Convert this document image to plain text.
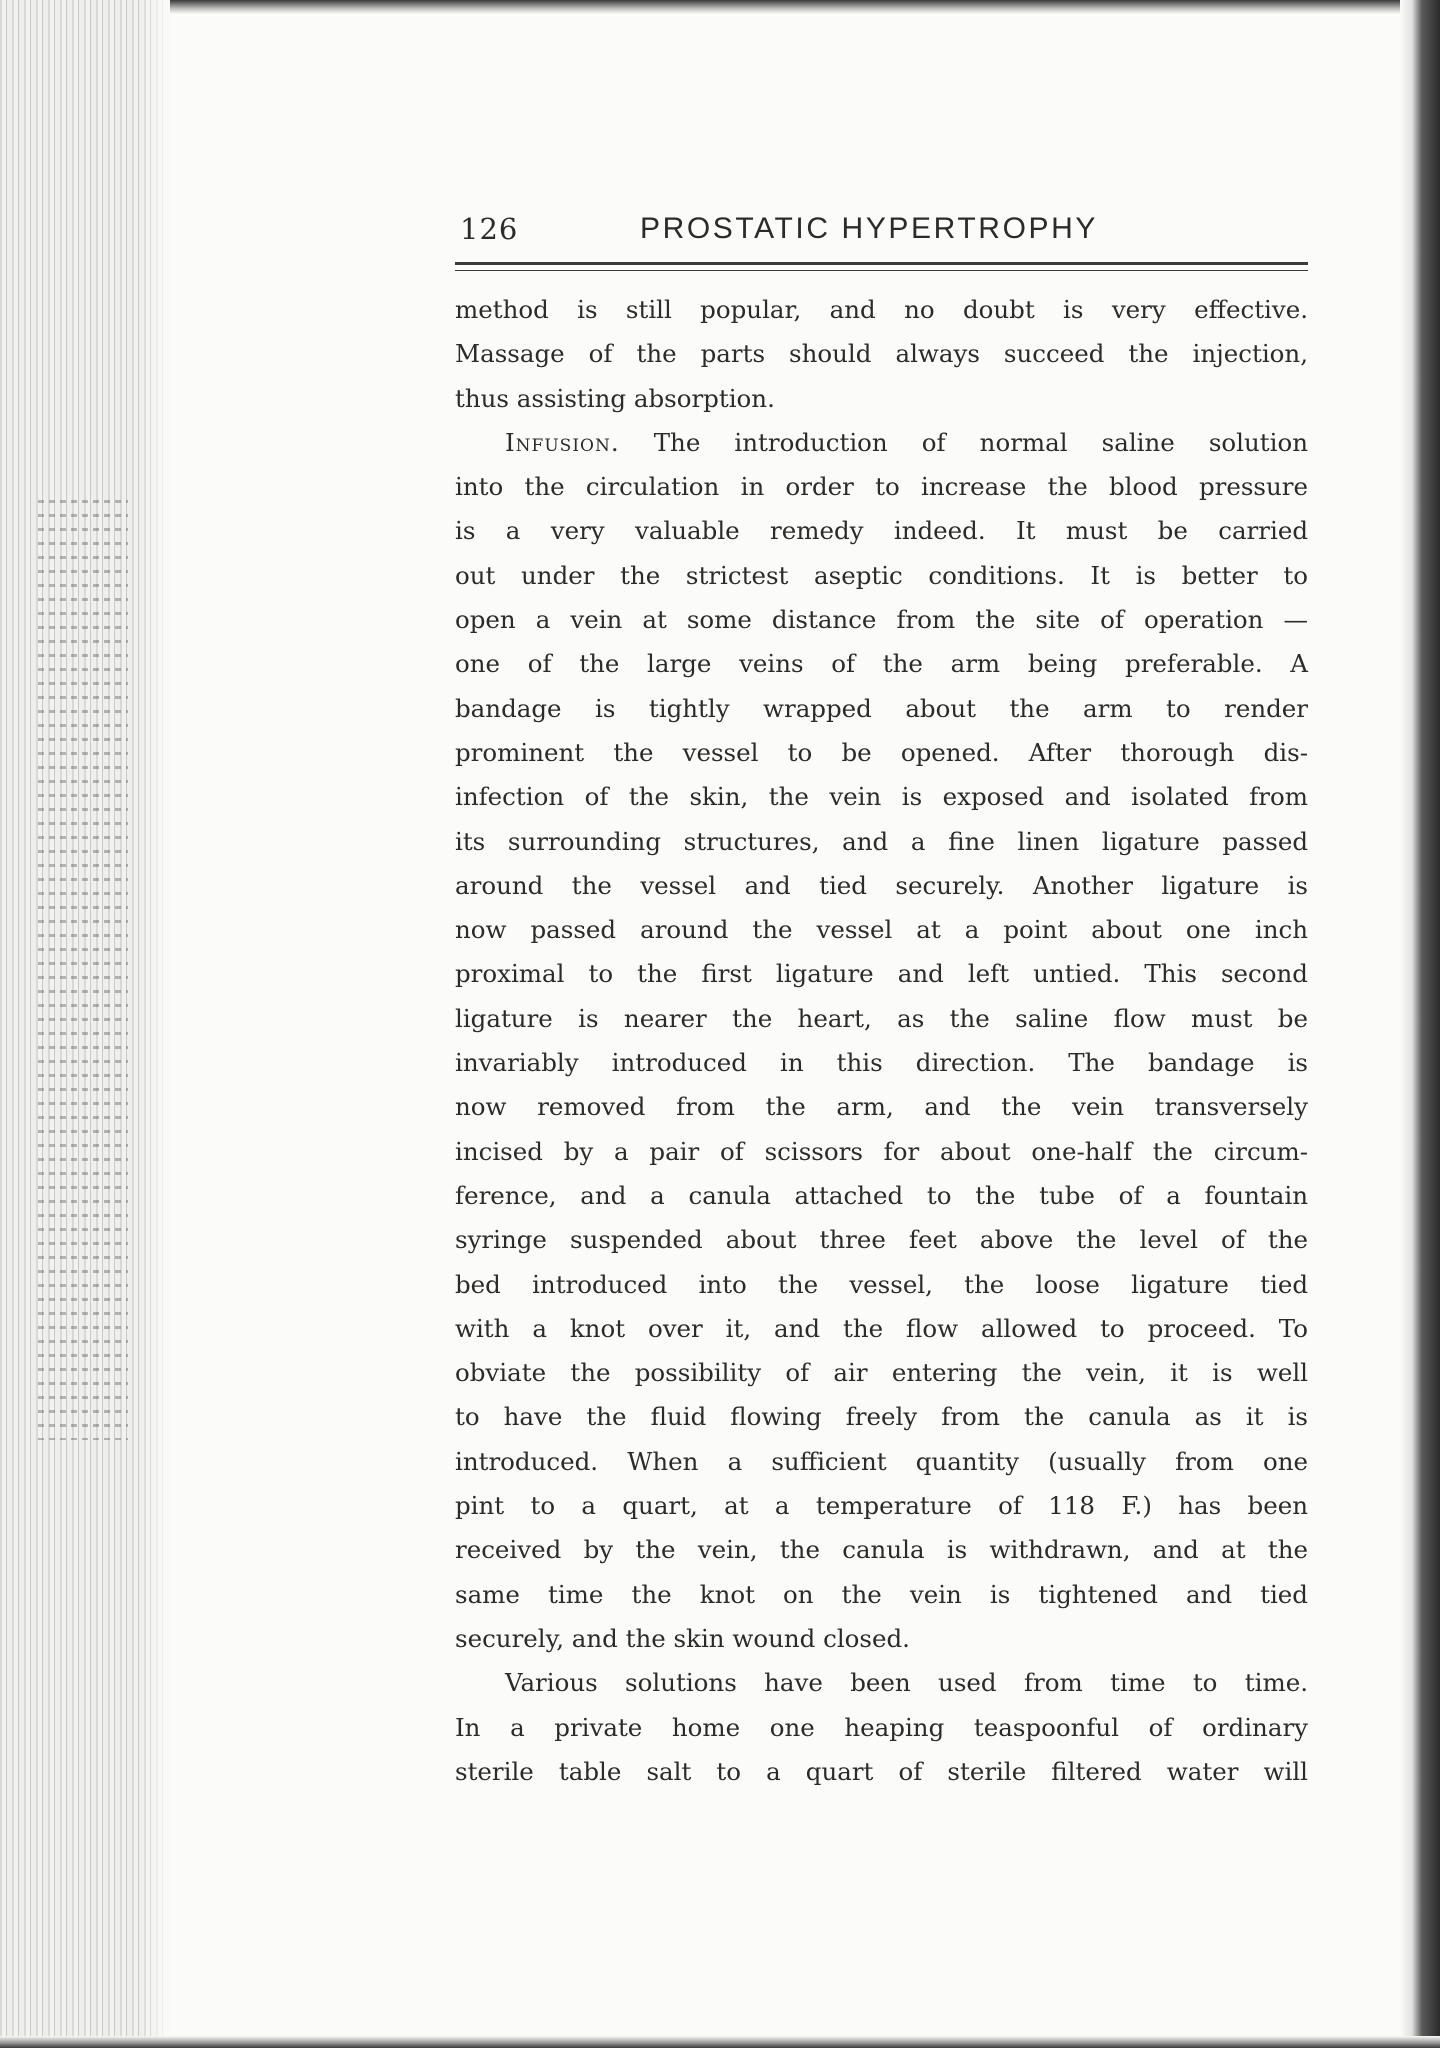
126	PROSTATIC HYPERTROPHY
method is still popular, and no doubt is very effective.
Massage of the parts should always succeed the injection,
thus assisting absorption.
Infusion. The introduction of normal saline solution
into the circulation in order to increase the blood pressure
is a very valuable remedy indeed. It must be carried
out under the strictest aseptic conditions. It is better to
open a vein at some distance from the site of operation —
one of the large veins of the arm being preferable. A
bandage is tightly wrapped about the arm to render
prominent the vessel to be opened. After thorough dis-
infection of the skin, the vein is exposed and isolated from
its surrounding structures, and a fine linen ligature passed
around the vessel and tied securely. Another ligature is
now passed around the vessel at a point about one inch
proximal to the first ligature and left untied. This second
ligature is nearer the heart, as the saline flow must be
invariably introduced in this direction. The bandage is
now removed from the arm, and the vein transversely
incised by a pair of scissors for about one-half the circum-
ference, and a canula attached to the tube of a fountain
syringe suspended about three feet above the level of the
bed introduced into the vessel, the loose ligature tied
with a knot over it, and the flow allowed to proceed. To
obviate the possibility of air entering the vein, it is well
to have the fluid flowing freely from the canula as it is
introduced. When a sufficient quantity (usually from one
pint to a quart, at a temperature of 118 F.) has been
received by the vein, the canula is withdrawn, and at the
same time the knot on the vein is tightened and tied
securely, and the skin wound closed.
Various solutions have been used from time to time.
In a private home one heaping teaspoonful of ordinary
sterile table salt to a quart of sterile filtered water will
